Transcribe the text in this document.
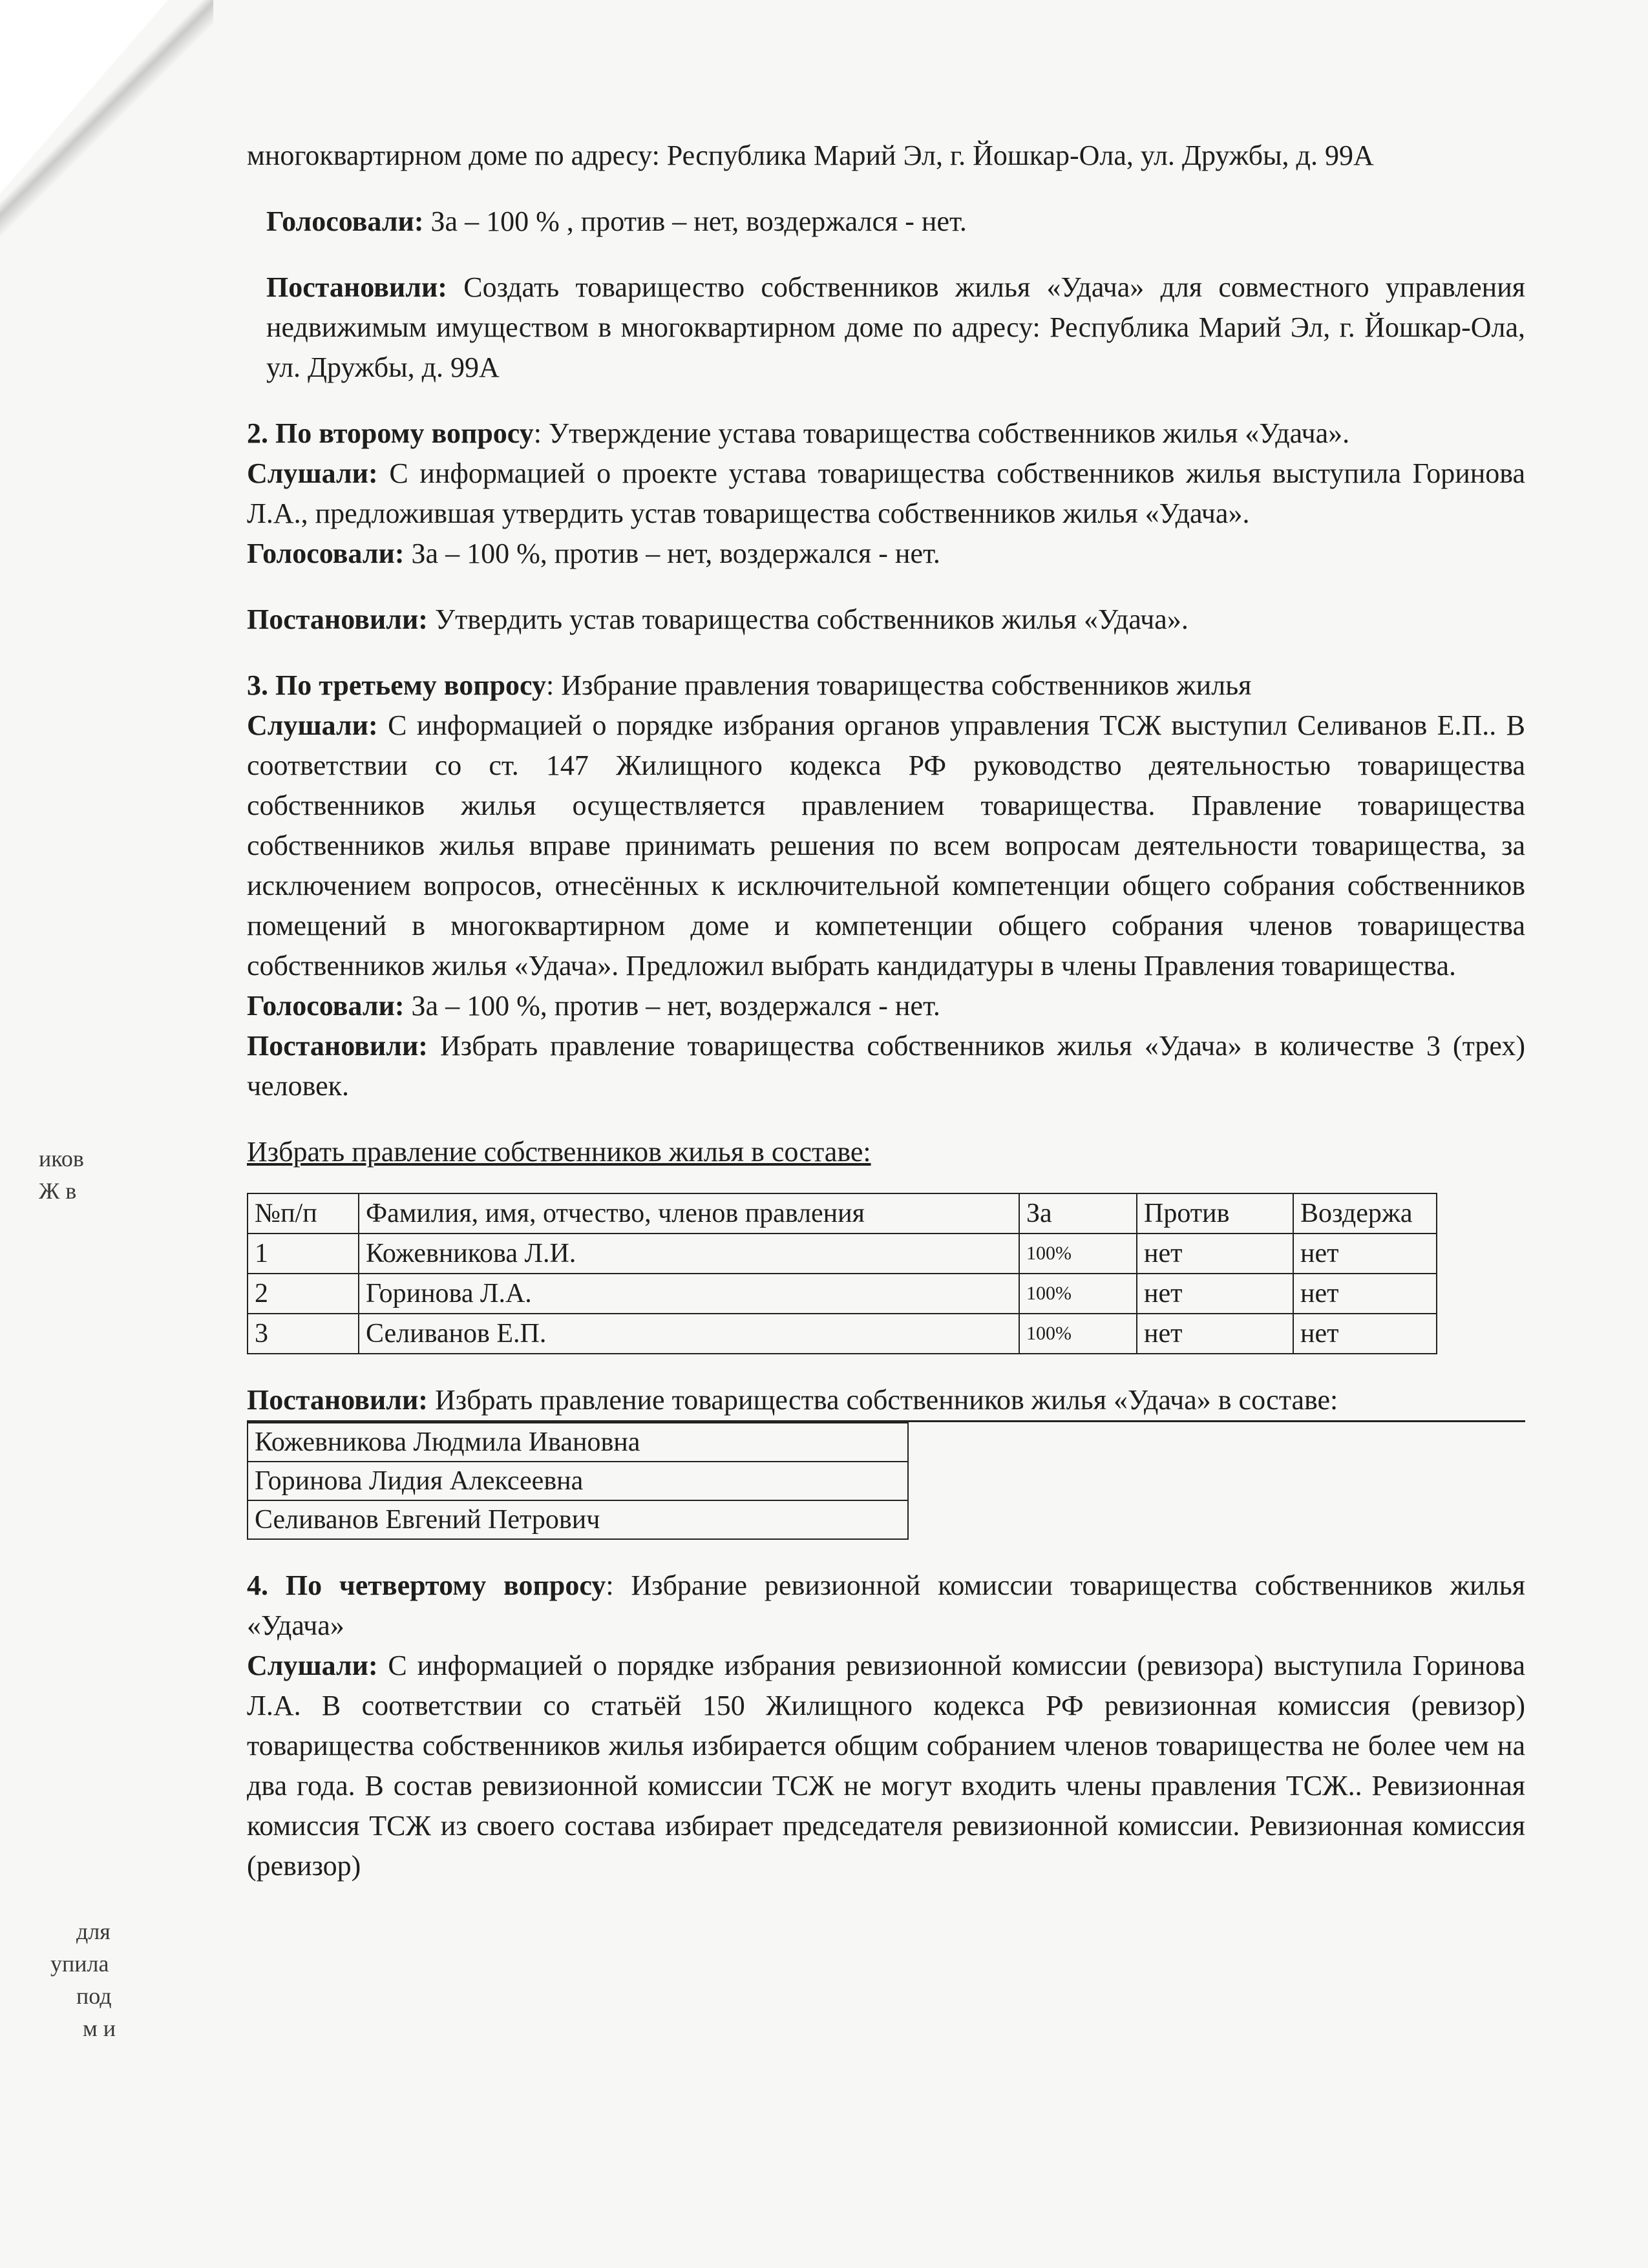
иков
Ж в
для
упила
под
м и

многоквартирном доме по адресу: Республика Марий Эл, г. Йошкар-Ола, ул. Дружбы, д. 99А

Голосовали: За – 100 % , против – нет, воздержался - нет.

Постановили: Создать товарищество собственников жилья «Удача» для совместного управления недвижимым имуществом в многоквартирном доме по адресу: Республика Марий Эл, г. Йошкар-Ола, ул. Дружбы, д. 99А

2. По второму вопросу: Утверждение устава товарищества собственников жилья «Удача».

Слушали: С информацией о проекте устава товарищества собственников жилья выступила Горинова Л.А., предложившая утвердить устав товарищества собственников жилья «Удача».

Голосовали: За – 100 %, против – нет, воздержался - нет.

Постановили: Утвердить устав товарищества собственников жилья «Удача».

3. По третьему вопросу: Избрание правления товарищества собственников жилья

Слушали: С информацией о порядке избрания органов управления ТСЖ выступил Селиванов Е.П.. В соответствии со ст. 147 Жилищного кодекса РФ руководство деятельностью товарищества собственников жилья осуществляется правлением товарищества. Правление товарищества собственников жилья вправе принимать решения по всем вопросам деятельности товарищества, за исключением вопросов, отнесённых к исключительной компетенции общего собрания собственников помещений в многоквартирном доме и компетенции общего собрания членов товарищества собственников жилья «Удача». Предложил выбрать кандидатуры в члены Правления товарищества.

Голосовали: За – 100 %, против – нет, воздержался - нет.

Постановили: Избрать правление товарищества собственников жилья «Удача» в количестве 3 (трех) человек.

Избрать правление собственников жилья в составе:

№п/п	Фамилия, имя, отчество, членов правления	За	Против	Воздержа
1	Кожевникова Л.И.	100%	нет	нет
2	Горинова Л.А.	100%	нет	нет
3	Селиванов Е.П.	100%	нет	нет

Постановили: Избрать правление товарищества собственников жилья «Удача» в составе:

Кожевникова Людмила Ивановна
Горинова Лидия Алексеевна
Селиванов Евгений Петрович

4. По четвертому вопросу: Избрание ревизионной комиссии товарищества собственников жилья «Удача»

Слушали: С информацией о порядке избрания ревизионной комиссии (ревизора) выступила Горинова Л.А. В соответствии со статьёй 150 Жилищного кодекса РФ ревизионная комиссия (ревизор) товарищества собственников жилья избирается общим собранием членов товарищества не более чем на два года. В состав ревизионной комиссии ТСЖ не могут входить члены правления ТСЖ.. Ревизионная комиссия ТСЖ из своего состава избирает председателя ревизионной комиссии. Ревизионная комиссия (ревизор)
